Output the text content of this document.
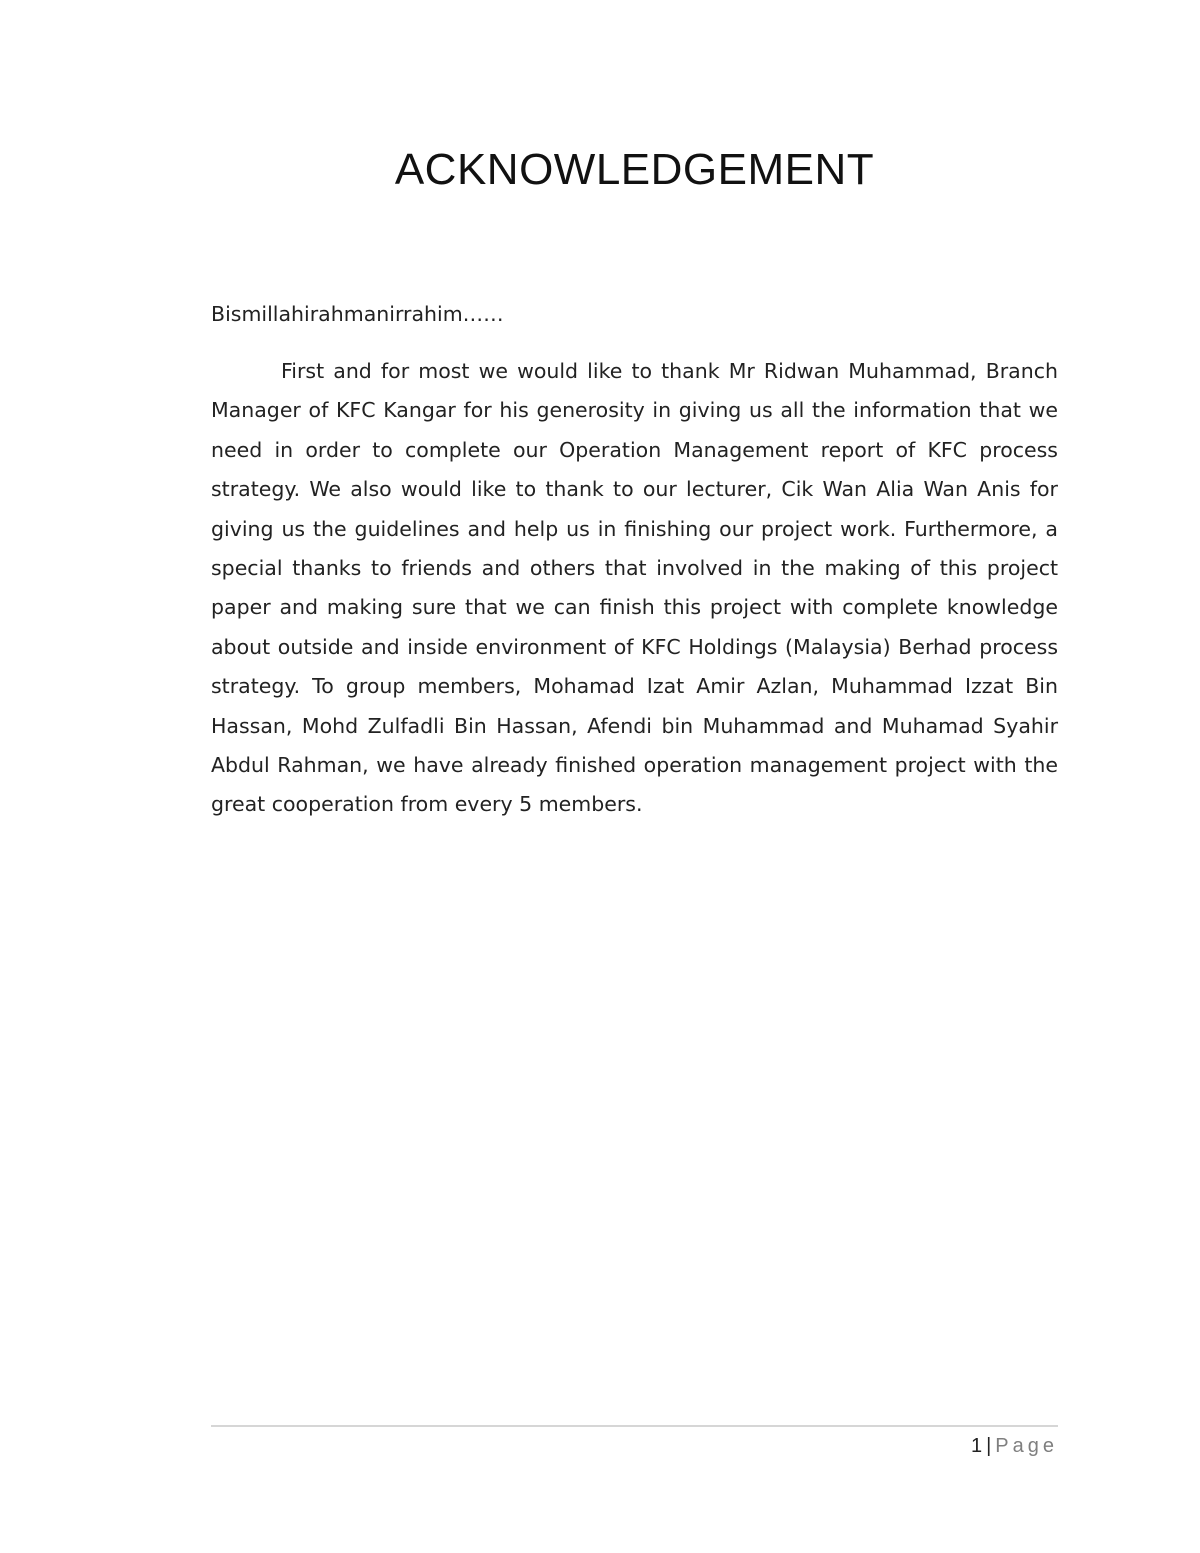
ACKNOWLEDGEMENT
Bismillahirahmanirrahim……

First and for most we would like to thank Mr Ridwan Muhammad, Branch Manager of KFC Kangar for his generosity in giving us all the information that we need in order to complete our Operation Management report of KFC process strategy. We also would like to thank to our lecturer, Cik Wan Alia Wan Anis for giving us the guidelines and help us in finishing our project work. Furthermore, a special thanks to friends and others that involved in the making of this project paper and making sure that we can finish this project with complete knowledge about outside and inside environment of KFC Holdings (Malaysia) Berhad process strategy. To group members, Mohamad Izat Amir Azlan, Muhammad Izzat Bin Hassan, Mohd Zulfadli Bin Hassan, Afendi bin Muhammad and Muhamad Syahir Abdul Rahman, we have already finished operation management project with the great cooperation from every 5 members.

1 | Page
